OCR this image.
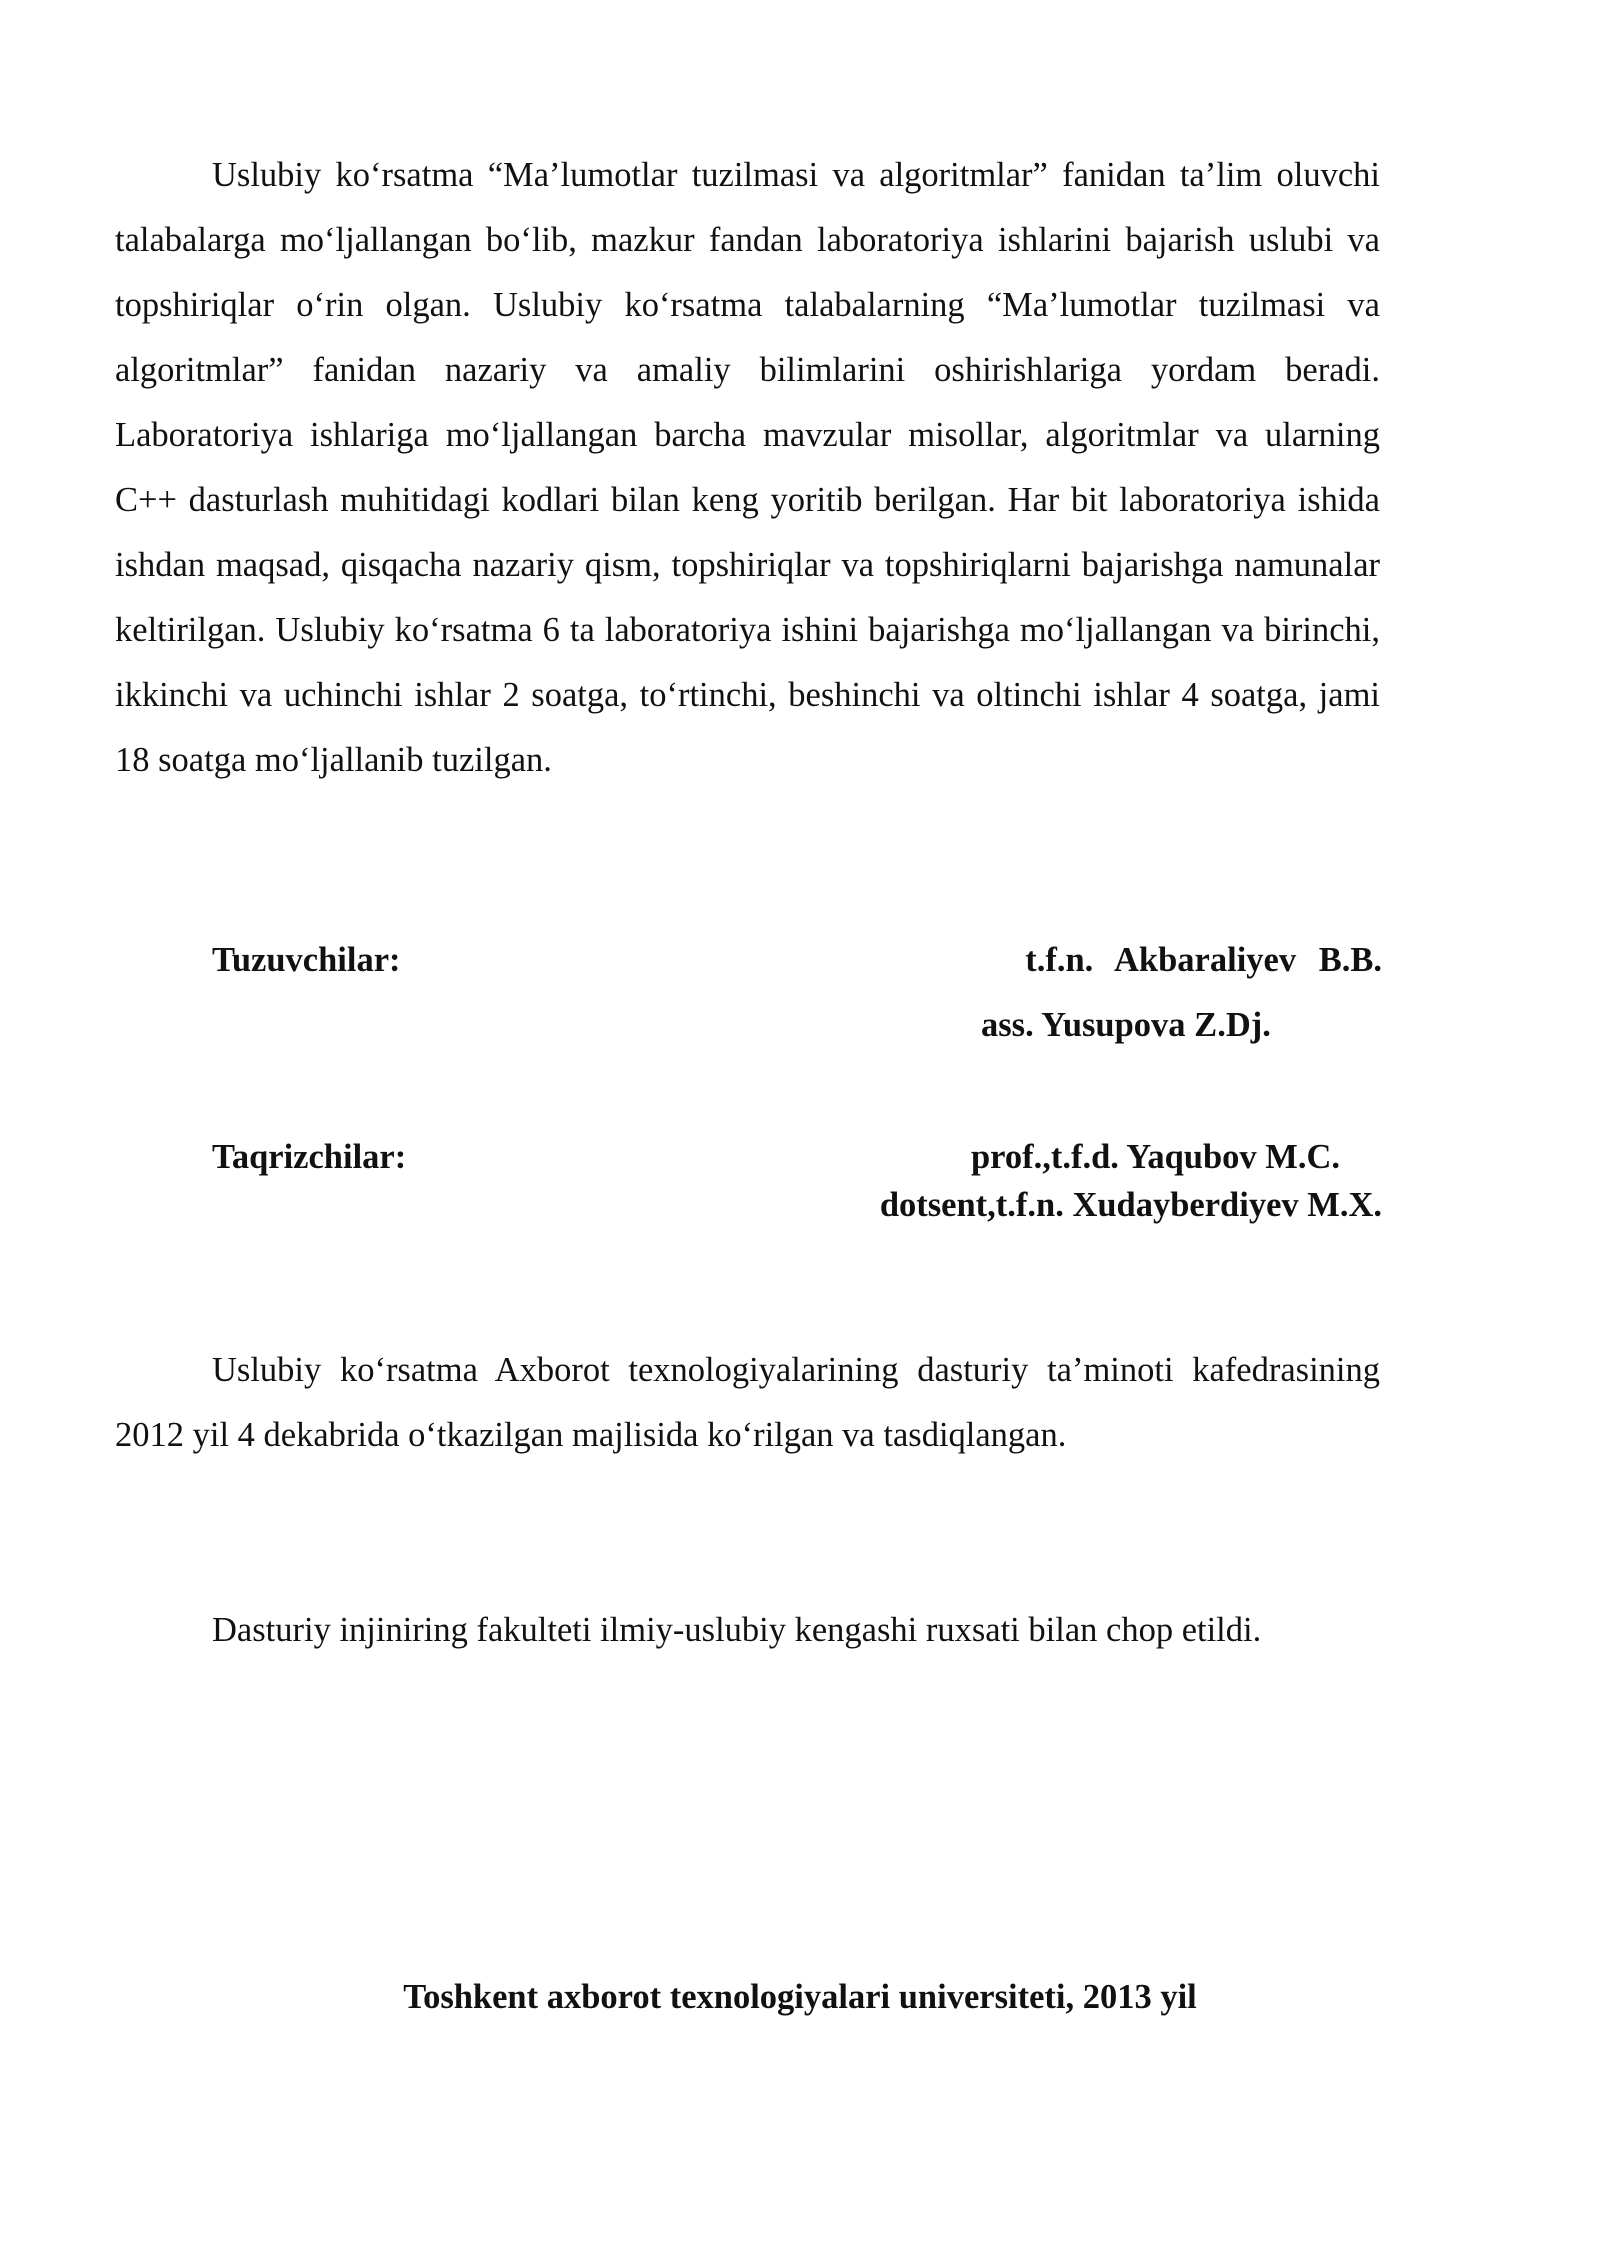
Uslubiy ko‘rsatma “Ma’lumotlar tuzilmasi va algoritmlar” fanidan ta’lim oluvchi talabalarga mo‘ljallangan bo‘lib, mazkur fandan laboratoriya ishlarini bajarish uslubi va topshiriqlar o‘rin olgan. Uslubiy ko‘rsatma talabalarning “Ma’lumotlar tuzilmasi va algoritmlar” fanidan nazariy va amaliy bilimlarini oshirishlariga yordam beradi. Laboratoriya ishlariga mo‘ljallangan barcha mavzular misollar, algoritmlar va ularning C++ dasturlash muhitidagi kodlari bilan keng yoritib berilgan. Har bit laboratoriya ishida ishdan maqsad, qisqacha nazariy qism, topshiriqlar va topshiriqlarni bajarishga namunalar keltirilgan. Uslubiy ko‘rsatma 6 ta laboratoriya ishini bajarishga mo‘ljallangan va birinchi, ikkinchi va uchinchi ishlar 2 soatga, to‘rtinchi, beshinchi va oltinchi ishlar 4 soatga, jami 18 soatga mo‘ljallanib tuzilgan.

Tuzuvchilar:	t.f.n. Akbaraliyev B.B.

ass. Yusupova Z.Dj.

Taqrizchilar:	prof.,t.f.d. Yaqubov M.C.

dotsent,t.f.n. Xudayberdiyev M.X.

Uslubiy ko‘rsatma Axborot texnologiyalarining dasturiy ta’minoti kafedrasining 2012 yil 4 dekabrida o‘tkazilgan majlisida ko‘rilgan va tasdiqlangan.

Dasturiy injiniring fakulteti ilmiy-uslubiy kengashi ruxsati bilan chop etildi.

Toshkent axborot texnologiyalari universiteti, 2013 yil
